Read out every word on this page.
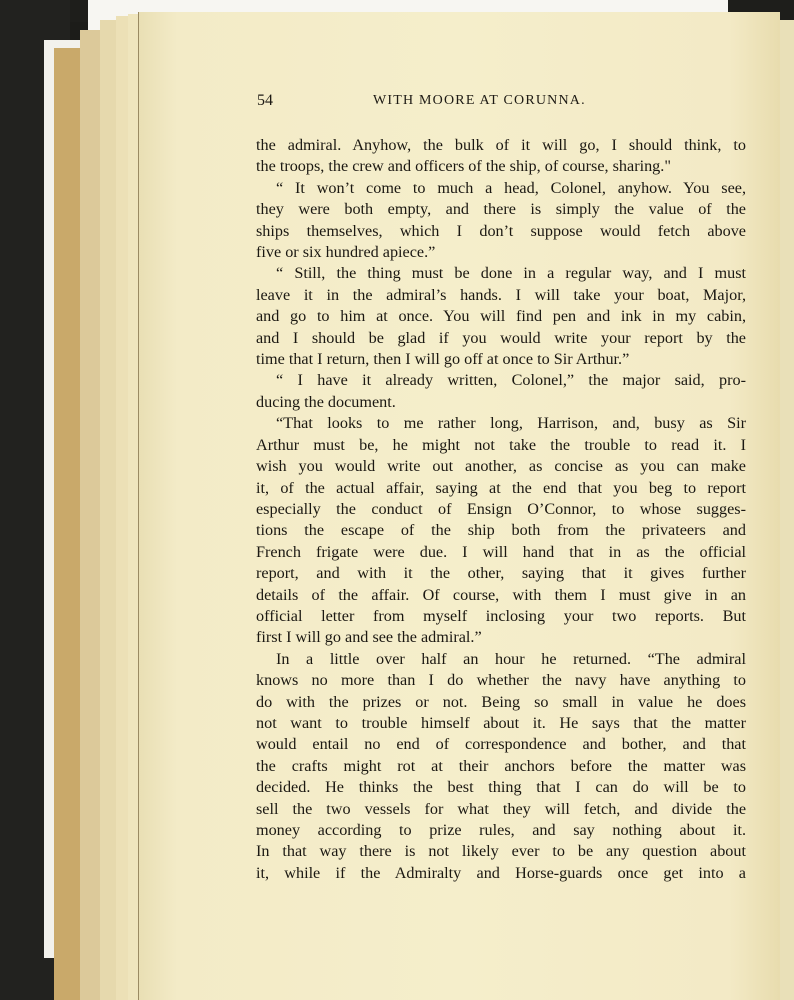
54	WITH MOORE AT CORUNNA.
the admiral. Anyhow, the bulk of it will go, I should think, to
the troops, the crew and officers of the ship, of course, sharing."
“ It won’t come to much a head, Colonel, anyhow. You see,
they were both empty, and there is simply the value of the
ships themselves, which I don’t suppose would fetch above
five or six hundred apiece.”
“ Still, the thing must be done in a regular way, and I must
leave it in the admiral’s hands. I will take your boat, Major,
and go to him at once. You will find pen and ink in my cabin,
and I should be glad if you would write your report by the
time that I return, then I will go off at once to Sir Arthur.”
“ I have it already written, Colonel,” the major said, pro-
ducing the document.
“That looks to me rather long, Harrison, and, busy as Sir
Arthur must be, he might not take the trouble to read it. I
wish you would write out another, as concise as you can make
it, of the actual affair, saying at the end that you beg to report
especially the conduct of Ensign O’Connor, to whose sugges-
tions the escape of the ship both from the privateers and
French frigate were due. I will hand that in as the official
report, and with it the other, saying that it gives further
details of the affair. Of course, with them I must give in an
official letter from myself inclosing your two reports. But
first I will go and see the admiral.”
In a little over half an hour he returned. “The admiral
knows no more than I do whether the navy have anything to
do with the prizes or not. Being so small in value he does
not want to trouble himself about it. He says that the matter
would entail no end of correspondence and bother, and that
the crafts might rot at their anchors before the matter was
decided. He thinks the best thing that I can do will be to
sell the two vessels for what they will fetch, and divide the
money according to prize rules, and say nothing about it.
In that way there is not likely ever to be any question about
it, while if the Admiralty and Horse-guards once get into a
